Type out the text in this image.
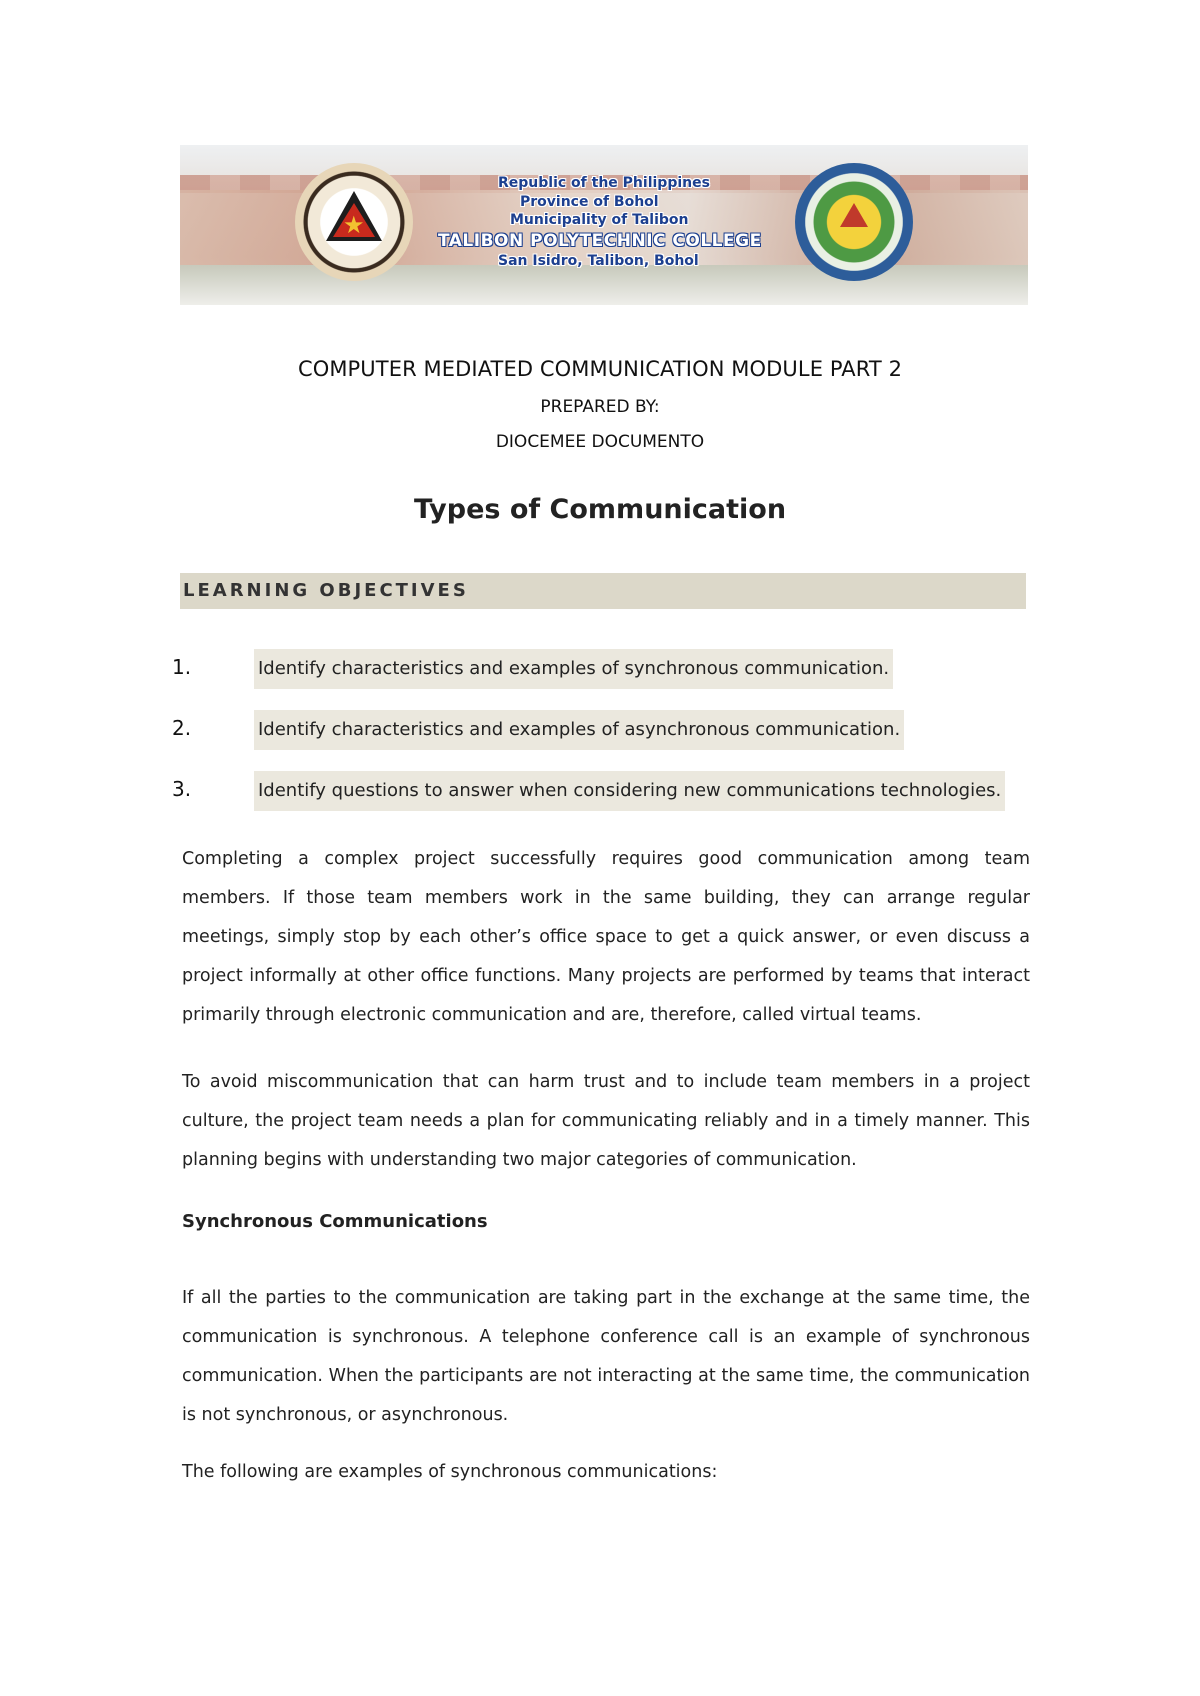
★
Republic of the Philippines
Province of Bohol
Municipality of Talibon
TALIBON POLYTECHNIC COLLEGE
San Isidro, Talibon, Bohol
COMPUTER MEDIATED COMMUNICATION MODULE PART 2
PREPARED BY:
DIOCEMEE DOCUMENTO
Types of Communication
LEARNING OBJECTIVES
1.	Identify characteristics and examples of synchronous communication.
2.	Identify characteristics and examples of asynchronous communication.
3.	Identify questions to answer when considering new communications technologies.
Completing a complex project successfully requires good communication among team members. If those team members work in the same building, they can arrange regular meetings, simply stop by each other’s office space to get a quick answer, or even discuss a project informally at other office functions. Many projects are performed by teams that interact primarily through electronic communication and are, therefore, called virtual teams.
To avoid miscommunication that can harm trust and to include team members in a project culture, the project team needs a plan for communicating reliably and in a timely manner. This planning begins with understanding two major categories of communication.
Synchronous Communications
If all the parties to the communication are taking part in the exchange at the same time, the communication is synchronous. A telephone conference call is an example of synchronous communication. When the participants are not interacting at the same time, the communication is not synchronous, or asynchronous.
The following are examples of synchronous communications:
